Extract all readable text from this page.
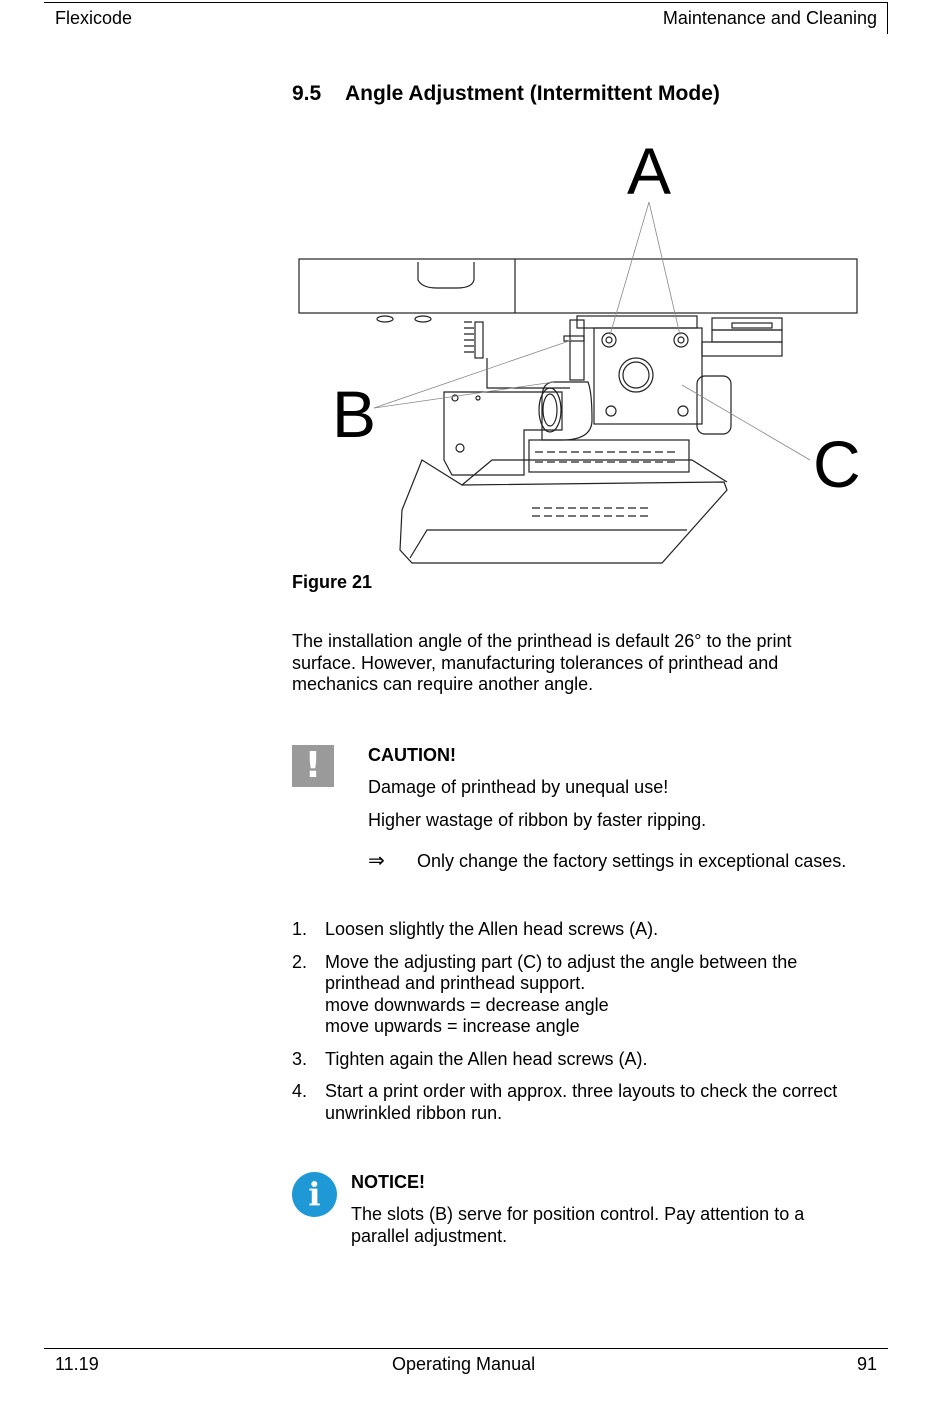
Flexicode	Maintenance and Cleaning
9.5 Angle Adjustment (Intermittent Mode)
A
B
C
Figure 21
The installation angle of the printhead is default 26° to the print
surface. However, manufacturing tolerances of printhead and
mechanics can require another angle.
!	CAUTION!
Damage of printhead by unequal use!
Higher wastage of ribbon by faster ripping.
⇒ Only change the factory settings in exceptional cases.
1. Loosen slightly the Allen head screws (A).
2. Move the adjusting part (C) to adjust the angle between the
printhead and printhead support.
move downwards = decrease angle
move upwards = increase angle
3. Tighten again the Allen head screws (A).
4. Start a print order with approx. three layouts to check the correct
unwrinkled ribbon run.
i	NOTICE!
The slots (B) serve for position control. Pay attention to a
parallel adjustment.
11.19	Operating Manual	91
